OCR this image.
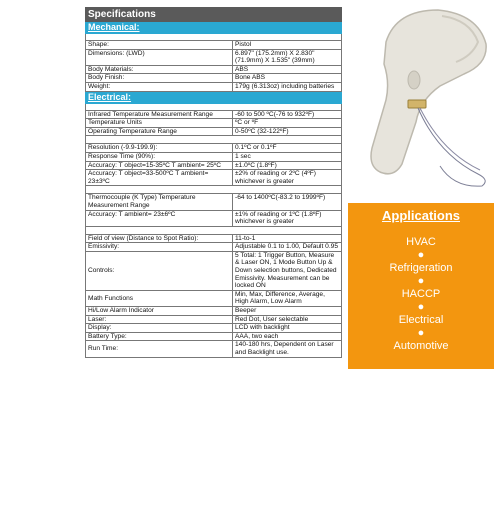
Specifications	
Mechanical:	

Shape:	Pistol
Dimensions: (LWD)	6.897" (175.2mm) X 2.830" (71.9mm) X 1.535" (39mm)
Body Materials:	ABS
Body Finish:	Bone ABS
Weight:	179g (6.313oz) including batteries
Electrical:	

Infrared Temperature Measurement Range	-60 to 500 ºC(-76 to 932ºF)
Temperature Units	ºC or ºF
Operating Temperature Range	0-50ºC (32-122ºF)

Resolution (-9.9-199.9):	0.1ºC or 0.1ºF
Response Time (90%):	1 sec
Accuracy: T object=15-35ºC T ambient= 25ºC	±1.0ºC (1.8ºF)
Accuracy: T object=33-500ºC T ambient= 23±3ºC	±2% of reading or 2ºC (4ºF) whichever is greater

Thermocouple (K Type) Temperature Measurement Range	-64 to 1400ºC(-83.2 to 1999ºF)
Accuracy: T ambient= 23±6ºC	±1% of reading or 1ºC (1.8ºF) whichever is greater

Field of view (Distance to Spot Ratio):	11-to-1
Emissivity:	Adjustable 0.1 to 1.00, Default 0.95
Controls:	5 Total: 1 Trigger Button, Measure & Laser ON, 1 Mode Button Up & Down selection buttons, Dedicated Emissivity. Measurement can be locked ON
Math Functions	Min, Max, Difference, Average, High Alarm, Low Alarm
Hi/Low Alarm Indicator	Beeper
Laser:	Red Dot, User selectable
Display:	LCD with backlight
Battery Type:	AAA, two each
Run Time:	140-180 hrs, Dependent on Laser and Backlight use.
Applications
HVAC
●
Refrigeration
●
HACCP
●
Electrical
●
Automotive
